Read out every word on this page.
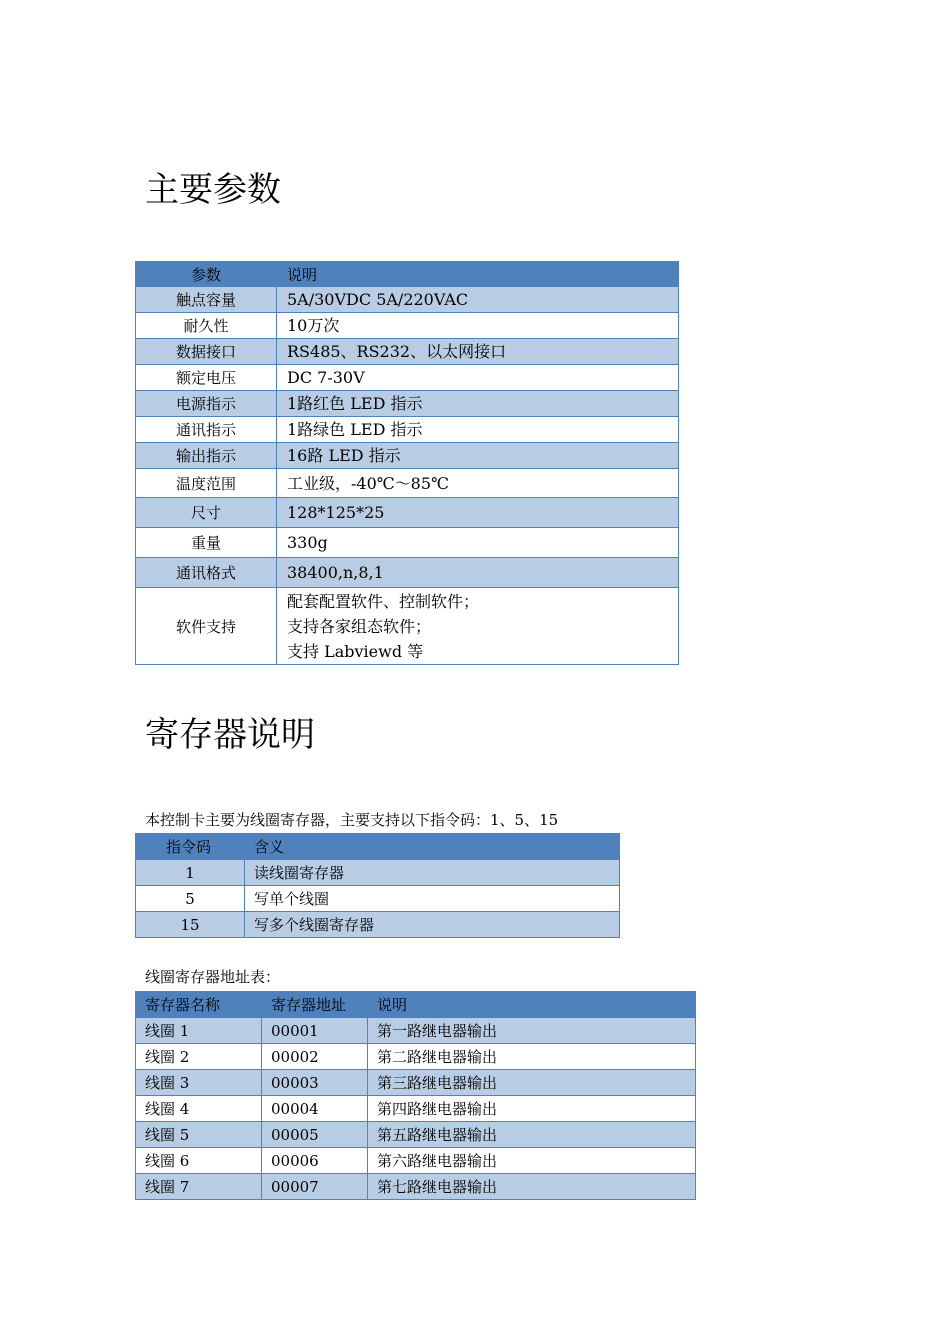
主要参数
参数	说明
触点容量	5A/30VDC 5A/220VAC

耐久性	10万次

数据接口	RS485、RS232、以太网接口

额定电压	DC 7-30V

电源指示	1路红色 LED 指示

通讯指示	1路绿色 LED 指示

输出指示	16路 LED 指示

温度范围	工业级，-40℃～85℃

尺寸	128*125*25

重量	330g

通讯格式	38400,n,8,1

软件支持	配套配置软件、控制软件；
支持各家组态软件；
支持 Labviewd 等
寄存器说明

本控制卡主要为线圈寄存器，主要支持以下指令码：1、5、15

指令码	含义
1	读线圈寄存器
5	写单个线圈
15	写多个线圈寄存器

线圈寄存器地址表：

寄存器名称	寄存器地址	说明
线圈 1	00001	第一路继电器输出
线圈 2	00002	第二路继电器输出
线圈 3	00003	第三路继电器输出
线圈 4	00004	第四路继电器输出
线圈 5	00005	第五路继电器输出
线圈 6	00006	第六路继电器输出
线圈 7	00007	第七路继电器输出
